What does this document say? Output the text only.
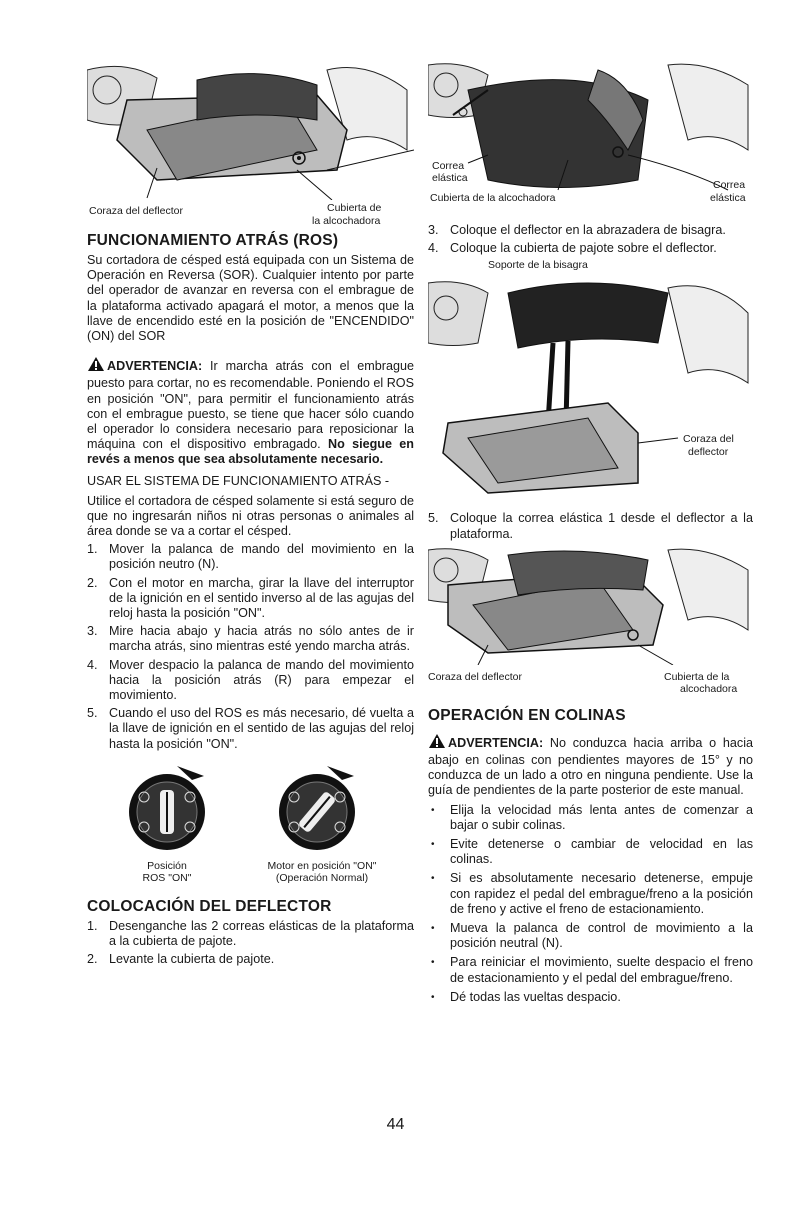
Coraza del deflector	Cubierta de
la alcochadora
FUNCIONAMIENTO ATRÁS (ROS)

Su cortadora de césped está equipada con un Sistema de Operación en Reversa (SOR). Cualquier intento por parte del operador de avanzar en reversa con el embrague de la plataforma activado apagará el motor, a menos que la llave de encendido esté en la posición de "ENCENDIDO" (ON) del SOR

ADVERTENCIA: Ir marcha atrás con el embrague puesto para cortar, no es recomendable. Poniendo el ROS en posición "ON", para permitir el funcionamiento atrás con el embrague puesto, se tiene que hacer sólo cuando el operador lo considera necesario para reposicionar la máquina con el dispositivo embragado. No siegue en revés a menos que sea absolutamente necesario.

USAR EL SISTEMA DE FUNCIONAMIENTO ATRÁS -

Utilice el cortadora de césped solamente si está seguro de que no ingresarán niños ni otras personas o animales al área donde se va a cortar el césped.

1. Mover la palanca de mando del movimiento en la posición neutro (N).
2. Con el motor en marcha, girar la llave del interruptor de la ignición en el sentido inverso al de las agujas del reloj hasta la posición "ON".
3. Mire hacia abajo y hacia atrás no sólo antes de ir marcha atrás, sino mientras esté yendo marcha atrás.
4. Mover despacio la palanca de mando del movimiento hacia la posición atrás (R) para empezar el movimiento.
5. Cuando el uso del ROS es más necesario, dé vuelta a la llave de ignición en el sentido de las agujas del reloj hasta la posición "ON".
Posición
ROS "ON"
Motor en posición "ON"
(Operación Normal)
COLOCACIÓN DEL DEFLECTOR
1. Desenganche las 2 correas elásticas de la plataforma a la cubierta de pajote.
2. Levante la cubierta de pajote.
Correa
elástica
Correa
elástica
Cubierta de la alcochadora
3. Coloque el deflector en la abrazadera de bisagra.
4. Coloque la cubierta de pajote sobre el deflector.
Soporte de la bisagra
Coraza del
deflector
5. Coloque la correa elástica 1 desde el deflector a la plataforma.
Coraza del deflector	Cubierta de la
alcochadora
OPERACIÓN EN COLINAS

ADVERTENCIA: No conduzca hacia arriba o hacia abajo en colinas con pendientes mayores de 15° y no conduzca de un lado a otro en ninguna pendiente. Use la guía de pendientes de la parte posterior de este manual.

• Elija la velocidad más lenta antes de comenzar a bajar o subir colinas.
• Evite detenerse o cambiar de velocidad en las colinas.
• Si es absolutamente necesario detenerse, empuje con rapidez el pedal del embrague/freno a la posición de freno y active el freno de estacionamiento.
• Mueva la palanca de control de movimiento a la posición neutral (N).
• Para reiniciar el movimiento, suelte despacio el freno de estacionamiento y el pedal del embrague/freno.
• Dé todas las vueltas despacio.
44
